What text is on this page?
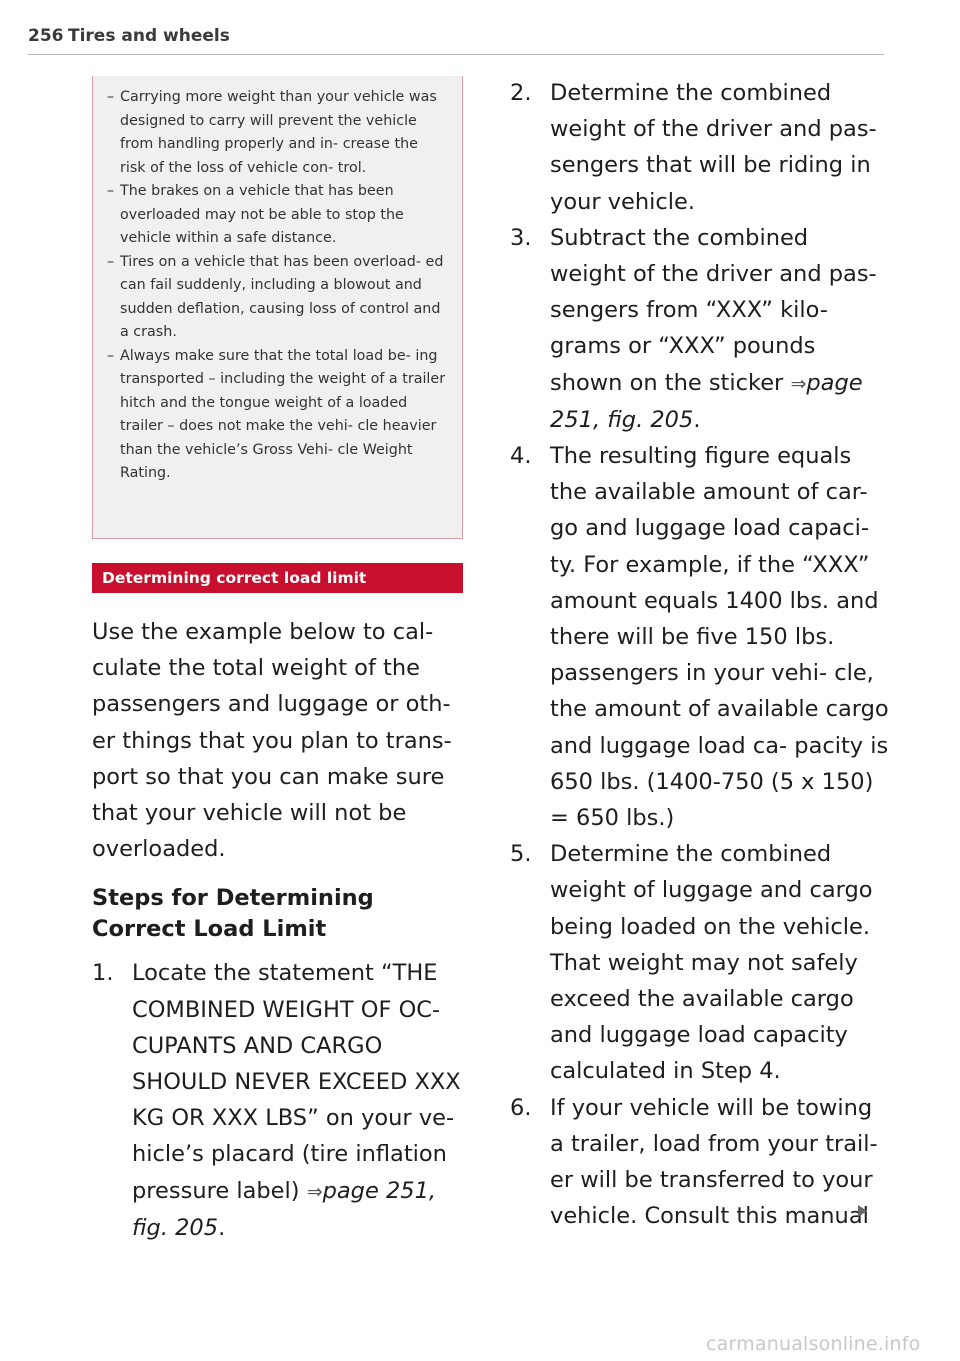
256 Tires and wheels
– Carrying more weight than your vehicle was designed to carry will prevent the vehicle from handling properly and in- crease the risk of the loss of vehicle con- trol.
– The brakes on a vehicle that has been overloaded may not be able to stop the vehicle within a safe distance.
– Tires on a vehicle that has been overload- ed can fail suddenly, including a blowout and sudden deflation, causing loss of control and a crash.
– Always make sure that the total load be- ing transported – including the weight of a trailer hitch and the tongue weight of a loaded trailer – does not make the vehi- cle heavier than the vehicle’s Gross Vehi- cle Weight Rating.
Determining correct load limit

Use the example below to cal- culate the total weight of the passengers and luggage or oth- er things that you plan to trans- port so that you can make sure that your vehicle will not be overloaded.

Steps for Determining Correct Load Limit
1. Locate the statement “THE COMBINED WEIGHT OF OC- CUPANTS AND CARGO SHOULD NEVER EXCEED XXX KG OR XXX LBS” on your ve- hicle’s placard (tire inflation pressure label) ⇒page 251, fig. 205.
2. Determine the combined weight of the driver and pas- sengers that will be riding in your vehicle.
3. Subtract the combined weight of the driver and pas- sengers from “XXX” kilo- grams or “XXX” pounds shown on the sticker ⇒page 251, fig. 205.
4. The resulting figure equals the available amount of car- go and luggage load capaci- ty. For example, if the “XXX” amount equals 1400 lbs. and there will be five 150 lbs. passengers in your vehi- cle, the amount of available cargo and luggage load ca- pacity is 650 lbs. (1400-750 (5 x 150) = 650 lbs.)
5. Determine the combined weight of luggage and cargo being loaded on the vehicle. That weight may not safely exceed the available cargo and luggage load capacity calculated in Step 4.
6. If your vehicle will be towing a trailer, load from your trail- er will be transferred to your vehicle. Consult this manual
carmanualsonline.info
